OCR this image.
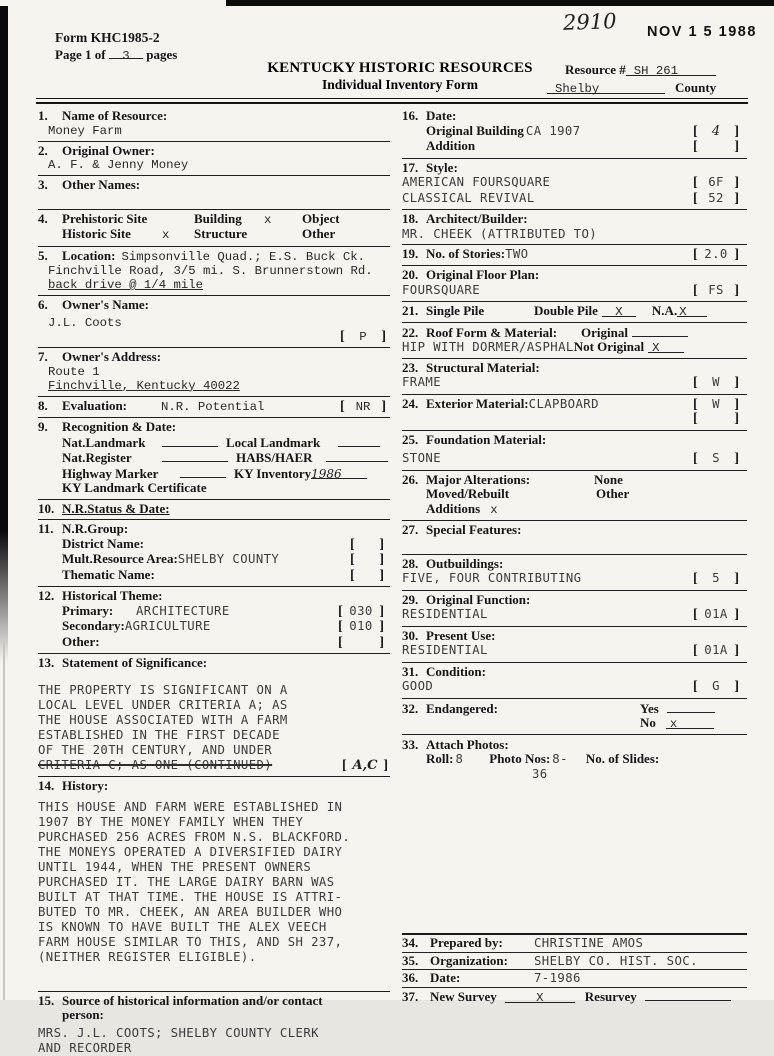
Form KHC1985-2
Page 1 of 3 pages
2910 NOV 1 5 1988
KENTUCKY HISTORIC RESOURCES
Individual Inventory Form
Resource # SH 261
Shelby	County
1.	Name of Resource:
Money Farm
2.	Original Owner:
A. F. & Jenny Money
3.	Other Names:
4.	Prehistoric Site	Building	x	Object
Historic Site	x	Structure	Other
5.	Location: Simpsonville Quad.; E.S. Buck Ck.
Finchville Road, 3/5 mi. S. Brunnerstown Rd.
back drive @ 1/4 mile
6.	Owner's Name:
J.L. Coots
[ P ]
7.	Owner's Address:
Route 1
Finchville, Kentucky 40022
8.	Evaluation:	N.R. Potential	[ NR ]
9.	Recognition & Date:
Nat.Landmark	Local Landmark
Nat.Register	HABS/HAER
Highway Marker	KY Inventory 1986
KY Landmark Certificate
10. N.R.Status & Date:
11. N.R.Group:
District Name:	[ ]
Mult.Resource Area: SHELBY COUNTY	[ ]
Thematic Name:	[ ]
12. Historical Theme:
Primary:	ARCHITECTURE	[ 030 ]
Secondary: AGRICULTURE	[ 010 ]
Other:	[	]
13. Statement of Significance:
THE PROPERTY IS SIGNIFICANT ON A
LOCAL LEVEL UNDER CRITERIA A; AS
THE HOUSE ASSOCIATED WITH A FARM
ESTABLISHED IN THE FIRST DECADE
OF THE 20TH CENTURY, AND UNDER
CRITERIA C; AS ONE (CONTINUED)	[ A,C ]
14. History:
THIS HOUSE AND FARM WERE ESTABLISHED IN
1907 BY THE MONEY FAMILY WHEN THEY
PURCHASED 256 ACRES FROM N.S. BLACKFORD.
THE MONEYS OPERATED A DIVERSIFIED DAIRY
UNTIL 1944, WHEN THE PRESENT OWNERS
PURCHASED IT. THE LARGE DAIRY BARN WAS
BUILT AT THAT TIME. THE HOUSE IS ATTRI-
BUTED TO MR. CHEEK, AN AREA BUILDER WHO
IS KNOWN TO HAVE BUILT THE ALEX VEECH
FARM HOUSE SIMILAR TO THIS, AND SH 237,
(NEITHER REGISTER ELIGIBLE).
15. Source of historical information and/or contact
person:
MRS. J.L. COOTS; SHELBY COUNTY CLERK
AND RECORDER
16. Date:
Original Building CA 1907	[ 4 ]
Addition	[	]
17. Style:
AMERICAN FOURSQUARE	[ 6F ]
CLASSICAL REVIVAL	[ 52 ]
18. Architect/Builder:
MR. CHEEK (ATTRIBUTED TO)
19. No. of Stories: TWO	[ 2.0 ]
20. Original Floor Plan:
FOURSQUARE	[ FS ]
21. Single Pile	Double Pile	X	N.A. X
22. Roof Form & Material: Original
HIP WITH DORMER/ASPHAL Not Original X
23. Structural Material:
FRAME	[ W ]
24. Exterior Material: CLAPBOARD	[ W ]
[	]
25. Foundation Material:
STONE	[ S ]
26. Major Alterations:	None
Moved/Rebuilt	Other
Additions x
27. Special Features:
28. Outbuildings:
FIVE, FOUR CONTRIBUTING	[ 5 ]
29. Original Function:
RESIDENTIAL	[ 01A ]
30. Present Use:
RESIDENTIAL	[ 01A ]
31. Condition:
GOOD	[ G ]
32. Endangered:	Yes
No	x
33. Attach Photos:
Roll: 8 Photo Nos: 8- No. of Slides:
36
34. Prepared by:	CHRISTINE AMOS
35. Organization:	SHELBY CO. HIST. SOC.
36. Date:	7-1986
37. New Survey	X	Resurvey
